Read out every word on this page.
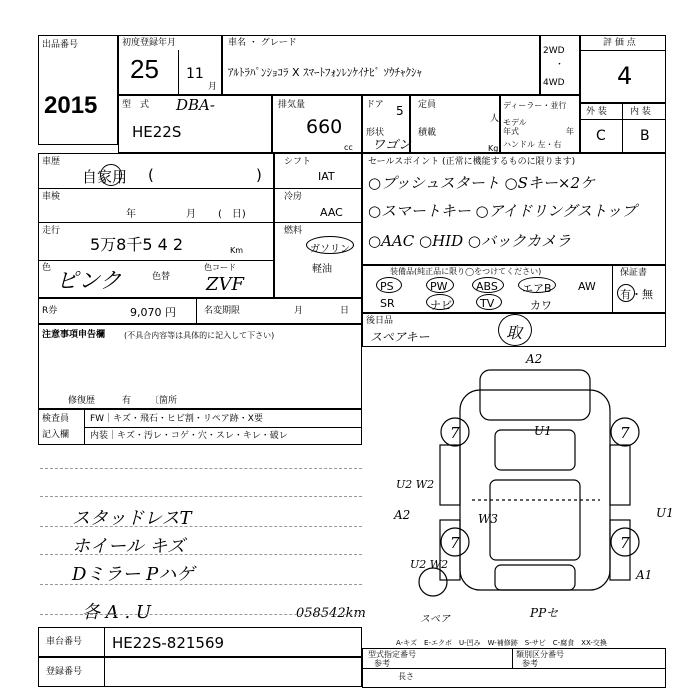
出品番号
2015
初度登録年月
25 11
月
車名 ・ グレード
ｱﾙﾄﾗﾊﾟﾝｼｮｺﾗ X ｽﾏｰﾄﾌｫﾝﾚﾝｹｲﾅﾋﾞ ｿｳﾁｬｸｼｬ
2WD
・
4WD
評 価 点
4
型　式 DBA-
HE22S
排気量
660
cc
ドア 5
形状
ワゴン
定員
人
積載
Kg
ディーラー・並行
モデル
年式	年
ハンドル 左・右
外 装	内 装
C B
車歴
自家用 (	)
車検
年	月 (　日)
走行
5万8千5 4 2	Km
色
ピンク	色替
色コード
ZVF
シフト
IAT
冷房
AAC
燃料
ガソリン
軽油
R券	9,070 円	名変期限	月	日
セールスポイント (正常に機能するものに限ります)
○プッシュスタート ○Sキー×2ケ
○スマートキー ○アイドリングストップ
○AAC ○HID ○バックカメラ
装備品(純正品に限り◯をつけてください)	保証書
有・無
PS	PW	ABS エアB AW
SR	ナビ	TV	カワ
後日品
スペアキー	取
注意事項申告欄 (不具合内容等は具体的に記入して下さい)
修復歴	有 〔箇所
検査員
記入欄
FW｜キズ・飛石・ヒビ割・リペア跡・X要
内装｜キズ・汚レ・コゲ・穴・スレ・キレ・破レ
スタッドレスT
ホイール キズ
Dミラー Pハゲ
各 A . U	058542km
A2
U1
U2 W2
A2	W3	U1
U2 W2
A1
スペア	PPセ
7	7
7	7
車台番号 HE22S-821569
登録番号
A-キズ　E-エクボ　U-凹み　W-補修跡　S-サビ　C-腐食　XX-交換
型式指定番号
参考
類別区分番号
参考
長さ
